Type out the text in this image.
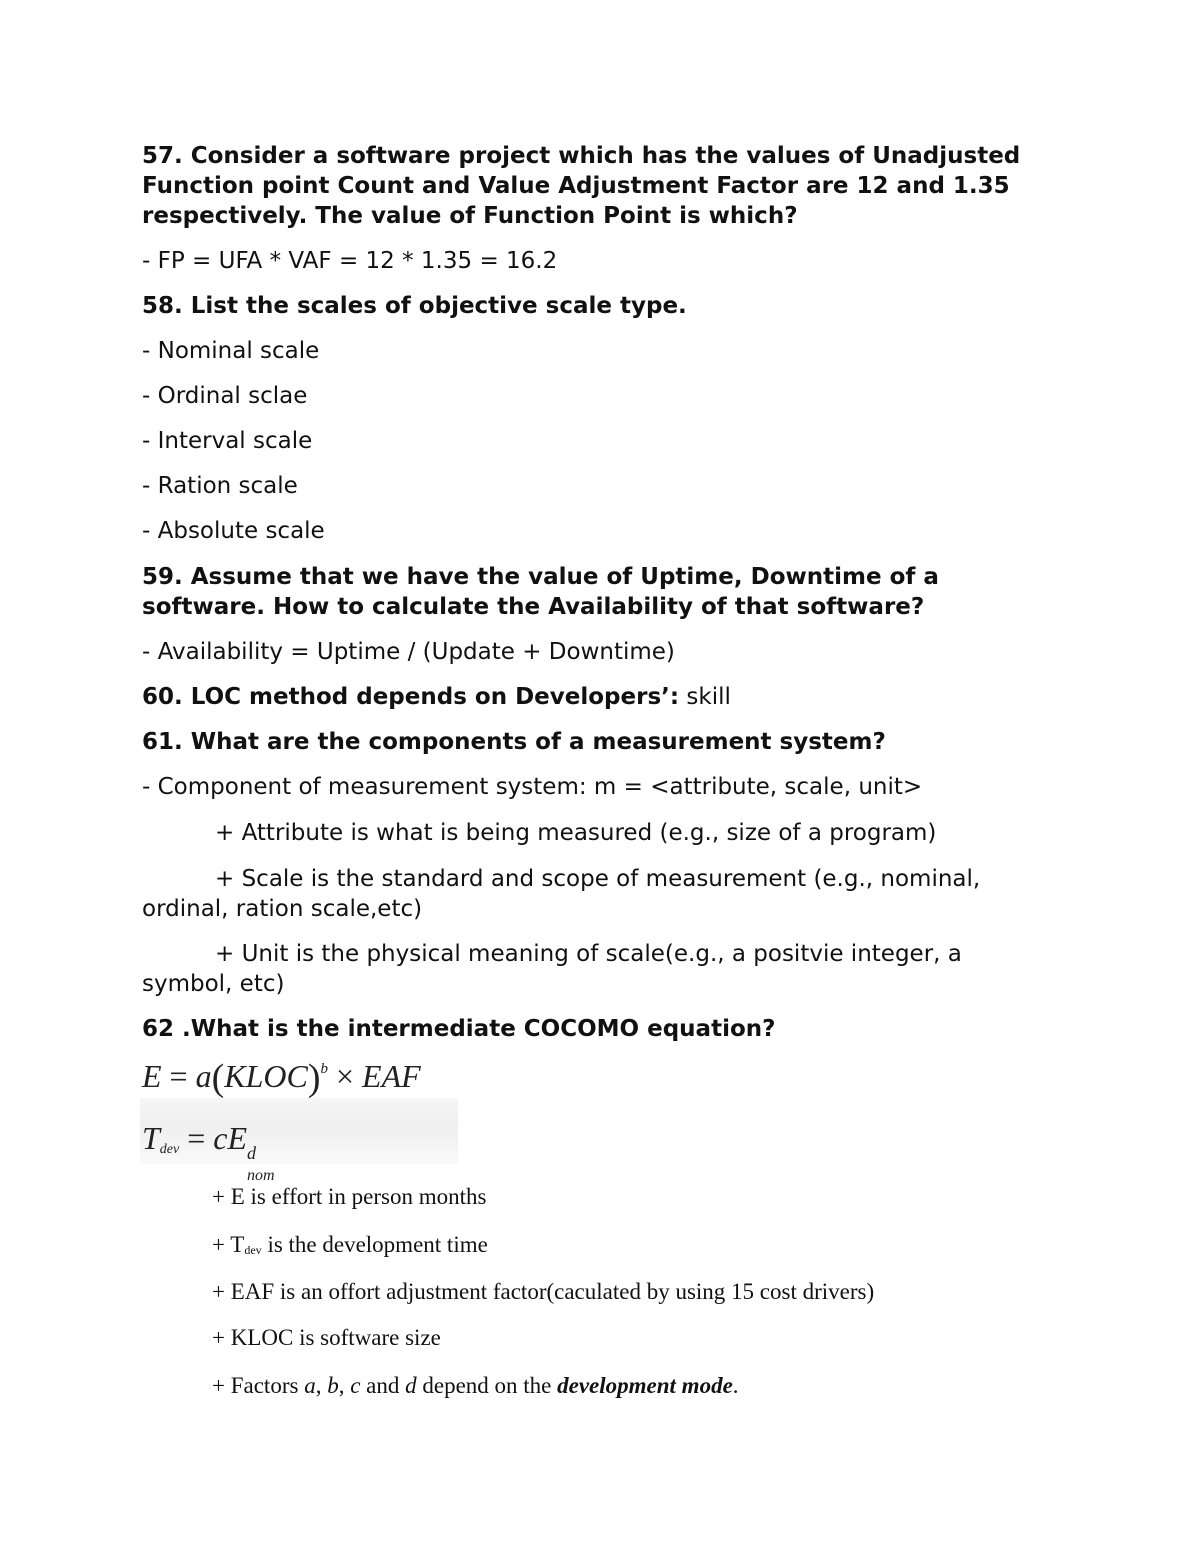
57. Consider a software project which has the values of Unadjusted
Function point Count and Value Adjustment Factor are 12 and 1.35
respectively. The value of Function Point is which?
- FP = UFA * VAF = 12 * 1.35 = 16.2
58. List the scales of objective scale type.
- Nominal scale
- Ordinal sclae
- Interval scale
- Ration scale
- Absolute scale
59. Assume that we have the value of Uptime, Downtime of a
software. How to calculate the Availability of that software?
- Availability = Uptime / (Update + Downtime)
60. LOC method depends on Developers’: skill
61. What are the components of a measurement system?
- Component of measurement system: m = <attribute, scale, unit>
+ Attribute is what is being measured (e.g., size of a program)
+ Scale is the standard and scope of measurement (e.g., nominal,
ordinal, ration scale,etc)
+ Unit is the physical meaning of scale(e.g., a positvie integer, a
symbol, etc)
62 .What is the intermediate COCOMO equation?
E = a(KLOC)$^b$ × EAF
$T_{dev}$ = cE d
nom
+ E is effort in person months
+ Tdev is the development time
+ EAF is an offort adjustment factor(caculated by using 15 cost drivers)
+ KLOC is software size
+ Factors a, b, c and d depend on the development mode.
